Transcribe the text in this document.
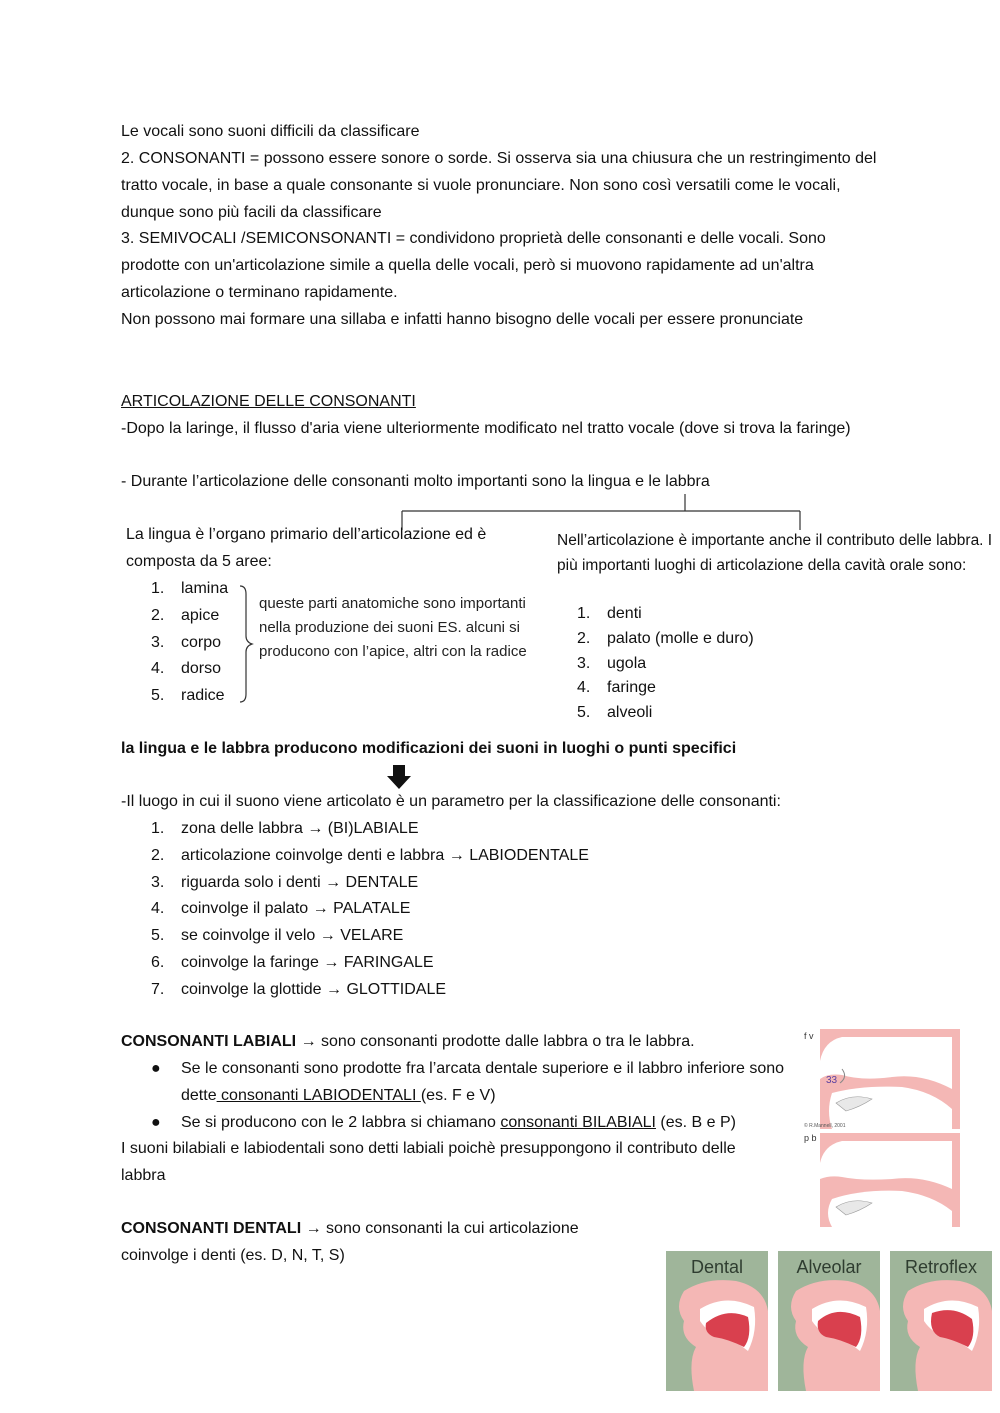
Le vocali sono suoni difficili da classificare
2. CONSONANTI = possono essere sonore o sorde. Si osserva sia una chiusura che un restringimento del tratto vocale, in base a quale consonante si vuole pronunciare. Non sono così versatili come le vocali, dunque sono più facili da classificare
3. SEMIVOCALI /SEMICONSONANTI = condividono proprietà delle consonanti e delle vocali. Sono prodotte con un'articolazione simile a quella delle vocali, però si muovono rapidamente ad un'altra articolazione o terminano rapidamente.
Non possono mai formare una sillaba e infatti hanno bisogno delle vocali per essere pronunciate
ARTICOLAZIONE DELLE CONSONANTI
-Dopo la laringe, il flusso d'aria viene ulteriormente modificato nel tratto vocale (dove si trova la faringe)
- Durante l’articolazione delle consonanti molto importanti sono la lingua e le labbra
La lingua è l’organo primario dell’articolazione ed è composta da 5 aree:
1. lamina
2. apice
3. corpo
4. dorso
5. radice
queste parti anatomiche sono importanti nella produzione dei suoni ES. alcuni si producono con l’apice, altri con la radice
Nell’articolazione è importante anche il contributo delle labbra. I più importanti luoghi di articolazione della cavità orale sono:
1. denti
2. palato (molle e duro)
3. ugola
4. faringe
5. alveoli
la lingua e le labbra producono modificazioni dei suoni in luoghi o punti specifici
-Il luogo in cui il suono viene articolato è un parametro per la classificazione delle consonanti:
1. zona delle labbra → (BI)LABIALE
2. articolazione coinvolge denti e labbra → LABIODENTALE
3. riguarda solo i denti → DENTALE
4. coinvolge il palato → PALATALE
5. se coinvolge il velo → VELARE
6. coinvolge la faringe → FARINGALE
7. coinvolge la glottide → GLOTTIDALE
CONSONANTI LABIALI → sono consonanti prodotte dalle labbra o tra le labbra.
● Se le consonanti sono prodotte fra l’arcata dentale superiore e il labbro inferiore sono dette consonanti LABIODENTALI (es. F e V)
● Se si producono con le 2 labbra si chiamano consonanti BILABIALI (es. B e P)
I suoni bilabiali e labiodentali sono detti labiali poichè presuppongono il contributo delle labbra
33
f v
© R.Mannell, 2001
p b
CONSONANTI DENTALI → sono consonanti la cui articolazione coinvolge i denti (es. D, N, T, S)
Dental	Alveolar Retroflex
